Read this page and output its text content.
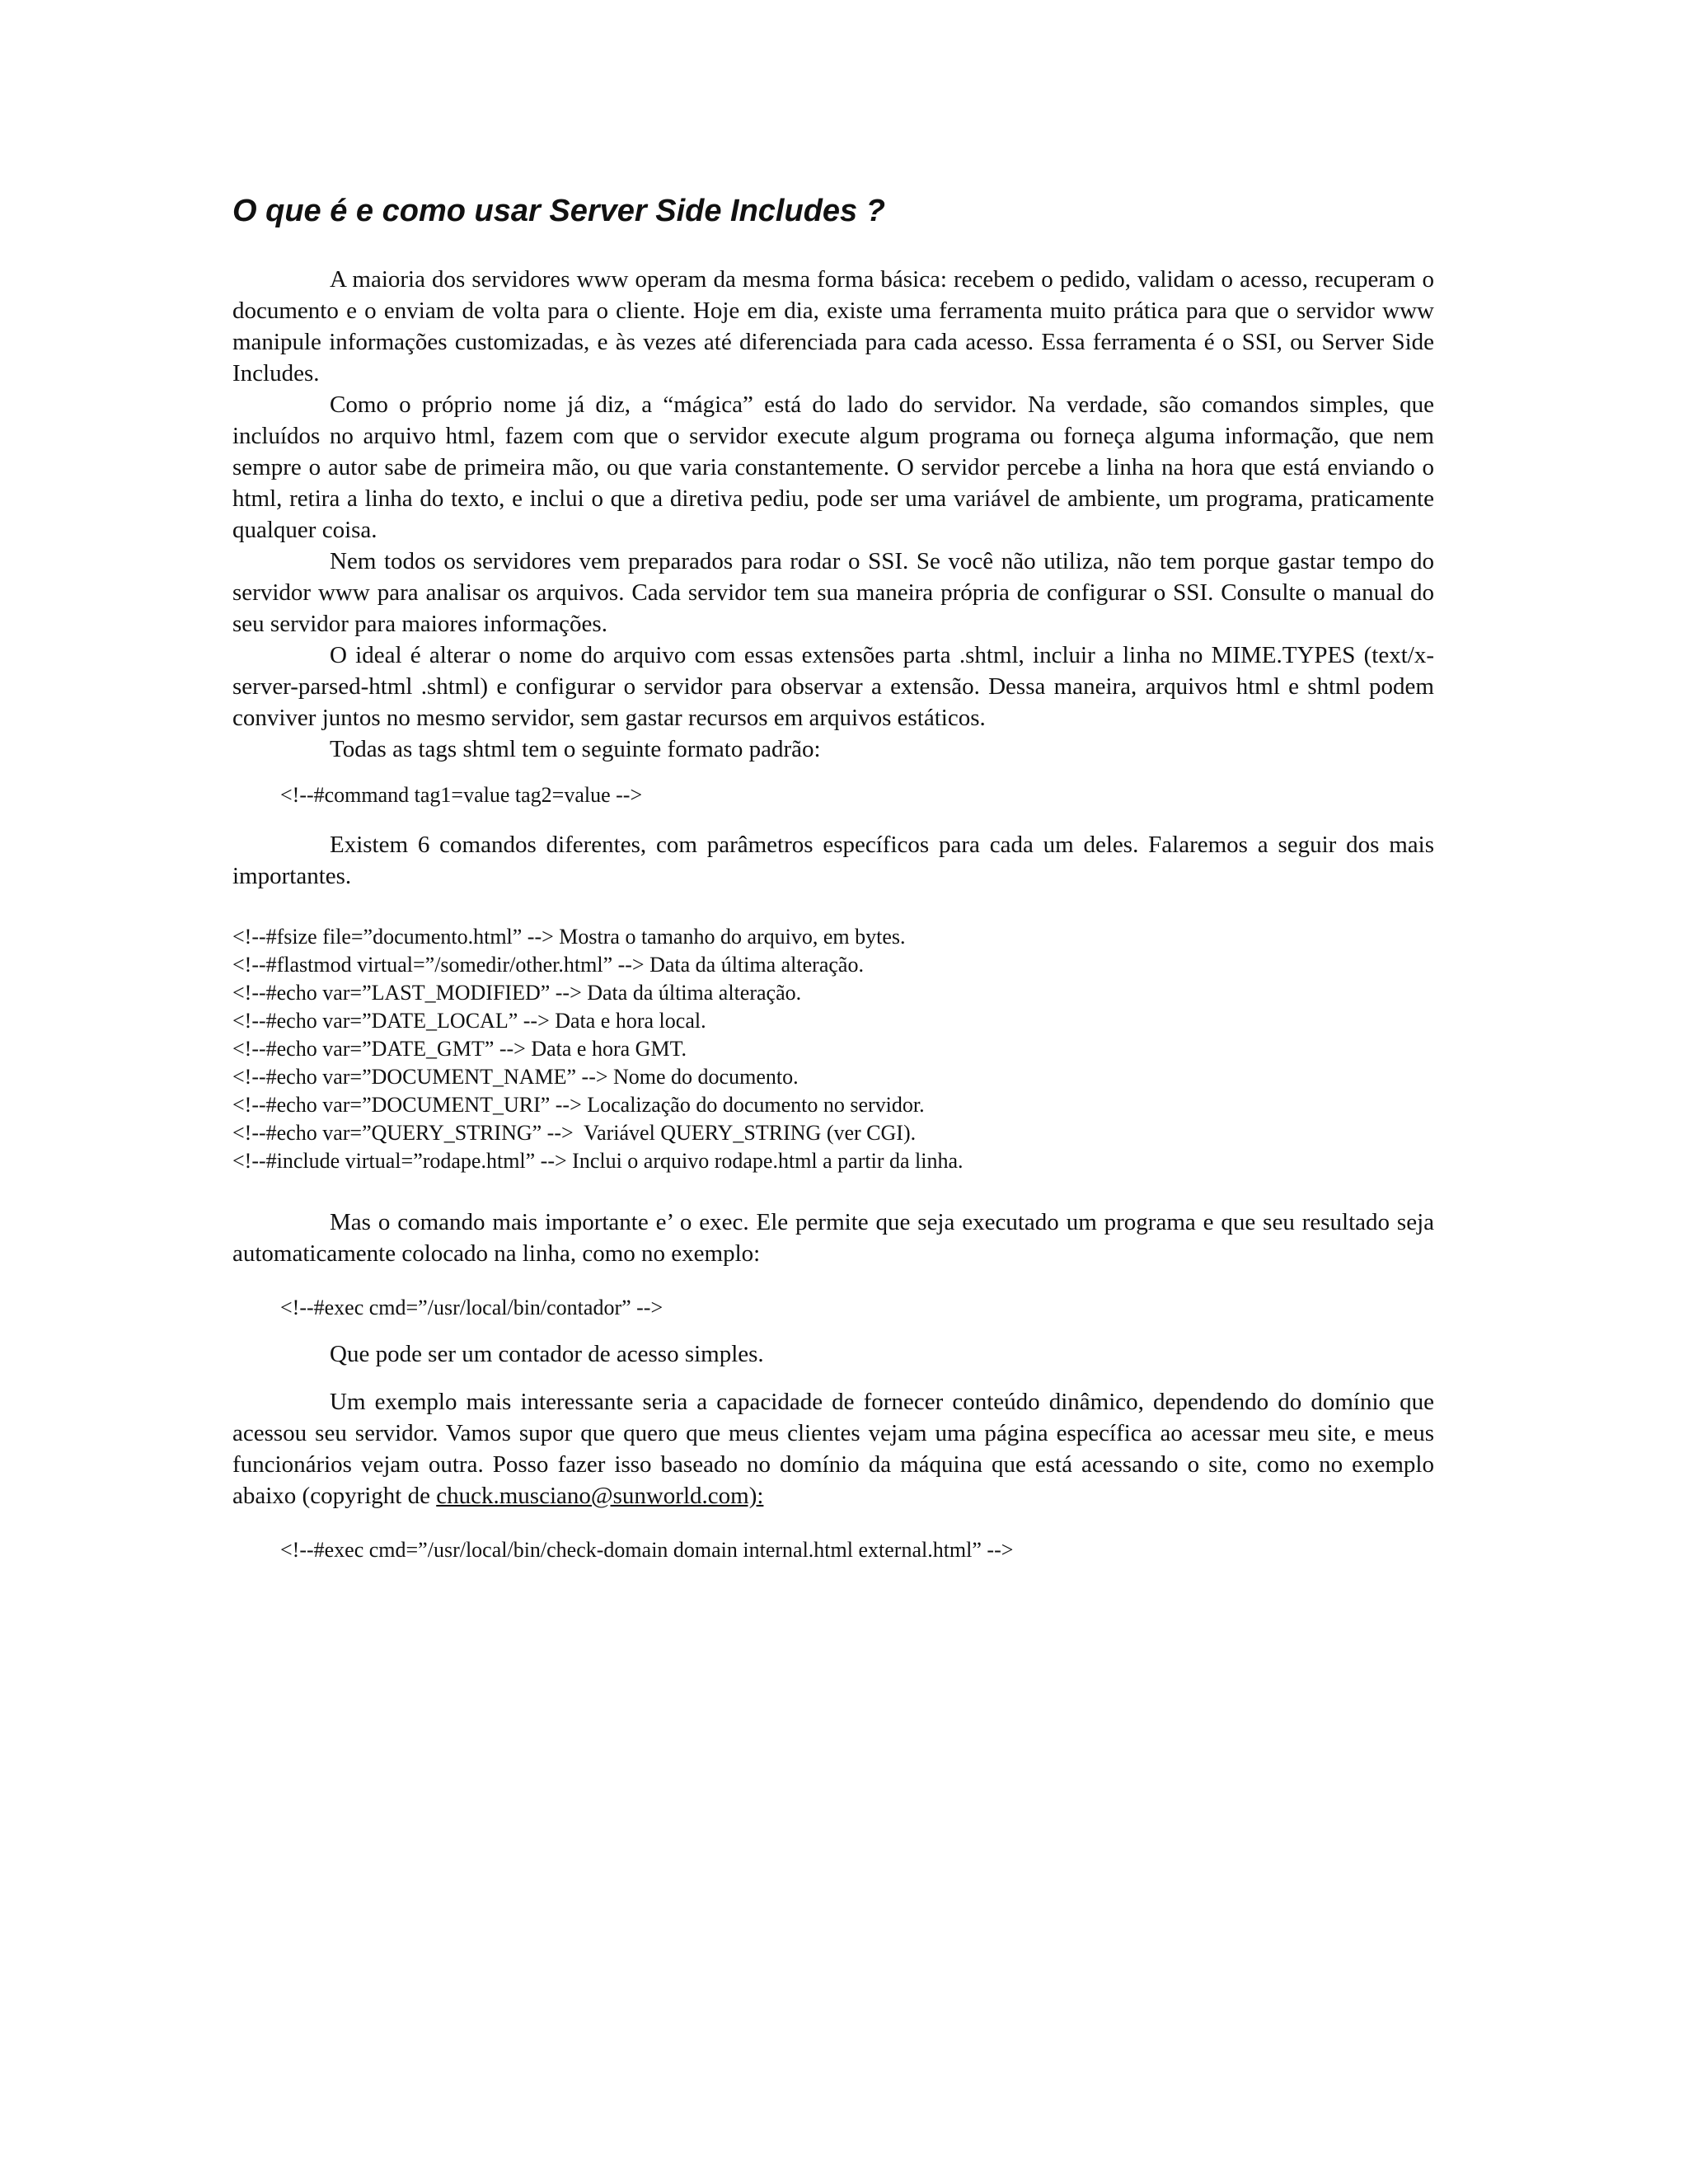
O que é e como usar Server Side Includes ?

A maioria dos servidores www operam da mesma forma básica: recebem o pedido, validam o acesso, recuperam o documento e o enviam de volta para o cliente. Hoje em dia, existe uma ferramenta muito prática para que o servidor www manipule informações customizadas, e às vezes até diferenciada para cada acesso. Essa ferramenta é o SSI, ou Server Side Includes.

Como o próprio nome já diz, a “mágica” está do lado do servidor. Na verdade, são comandos simples, que incluídos no arquivo html, fazem com que o servidor execute algum programa ou forneça alguma informação, que nem sempre o autor sabe de primeira mão, ou que varia constantemente. O servidor percebe a linha na hora que está enviando o html, retira a linha do texto, e inclui o que a diretiva pediu, pode ser uma variável de ambiente, um programa, praticamente qualquer coisa.

Nem todos os servidores vem preparados para rodar o SSI. Se você não utiliza, não tem porque gastar tempo do servidor www para analisar os arquivos. Cada servidor tem sua maneira própria de configurar o SSI. Consulte o manual do seu servidor para maiores informações.

O ideal é alterar o nome do arquivo com essas extensões parta .shtml, incluir a linha no MIME.TYPES (text/x-server-parsed-html .shtml) e configurar o servidor para observar a extensão. Dessa maneira, arquivos html e shtml podem conviver juntos no mesmo servidor, sem gastar recursos em arquivos estáticos.

Todas as tags shtml tem o seguinte formato padrão:

<!--#command tag1=value tag2=value -->

Existem 6 comandos diferentes, com parâmetros específicos para cada um deles. Falaremos a seguir dos mais importantes.

<!--#fsize file=”documento.html” --> Mostra o tamanho do arquivo, em bytes.
<!--#flastmod virtual=”/somedir/other.html” --> Data da última alteração.
<!--#echo var=”LAST_MODIFIED” --> Data da última alteração.
<!--#echo var=”DATE_LOCAL” --> Data e hora local.
<!--#echo var=”DATE_GMT” --> Data e hora GMT.
<!--#echo var=”DOCUMENT_NAME” --> Nome do documento.
<!--#echo var=”DOCUMENT_URI” --> Localização do documento no servidor.
<!--#echo var=”QUERY_STRING” -->  Variável QUERY_STRING (ver CGI).
<!--#include virtual=”rodape.html” --> Inclui o arquivo rodape.html a partir da linha.

Mas o comando mais importante e’ o exec. Ele permite que seja executado um programa e que seu resultado seja automaticamente colocado na linha, como no exemplo:

<!--#exec cmd=”/usr/local/bin/contador” -->

Que pode ser um contador de acesso simples.

Um exemplo mais interessante seria a capacidade de fornecer conteúdo dinâmico, dependendo do domínio que acessou seu servidor. Vamos supor que quero que meus clientes vejam uma página específica ao acessar meu site, e meus funcionários vejam outra. Posso fazer isso baseado no domínio da máquina que está acessando o site, como no exemplo abaixo (copyright de chuck.musciano@sunworld.com):

<!--#exec cmd=”/usr/local/bin/check-domain domain internal.html external.html” -->
